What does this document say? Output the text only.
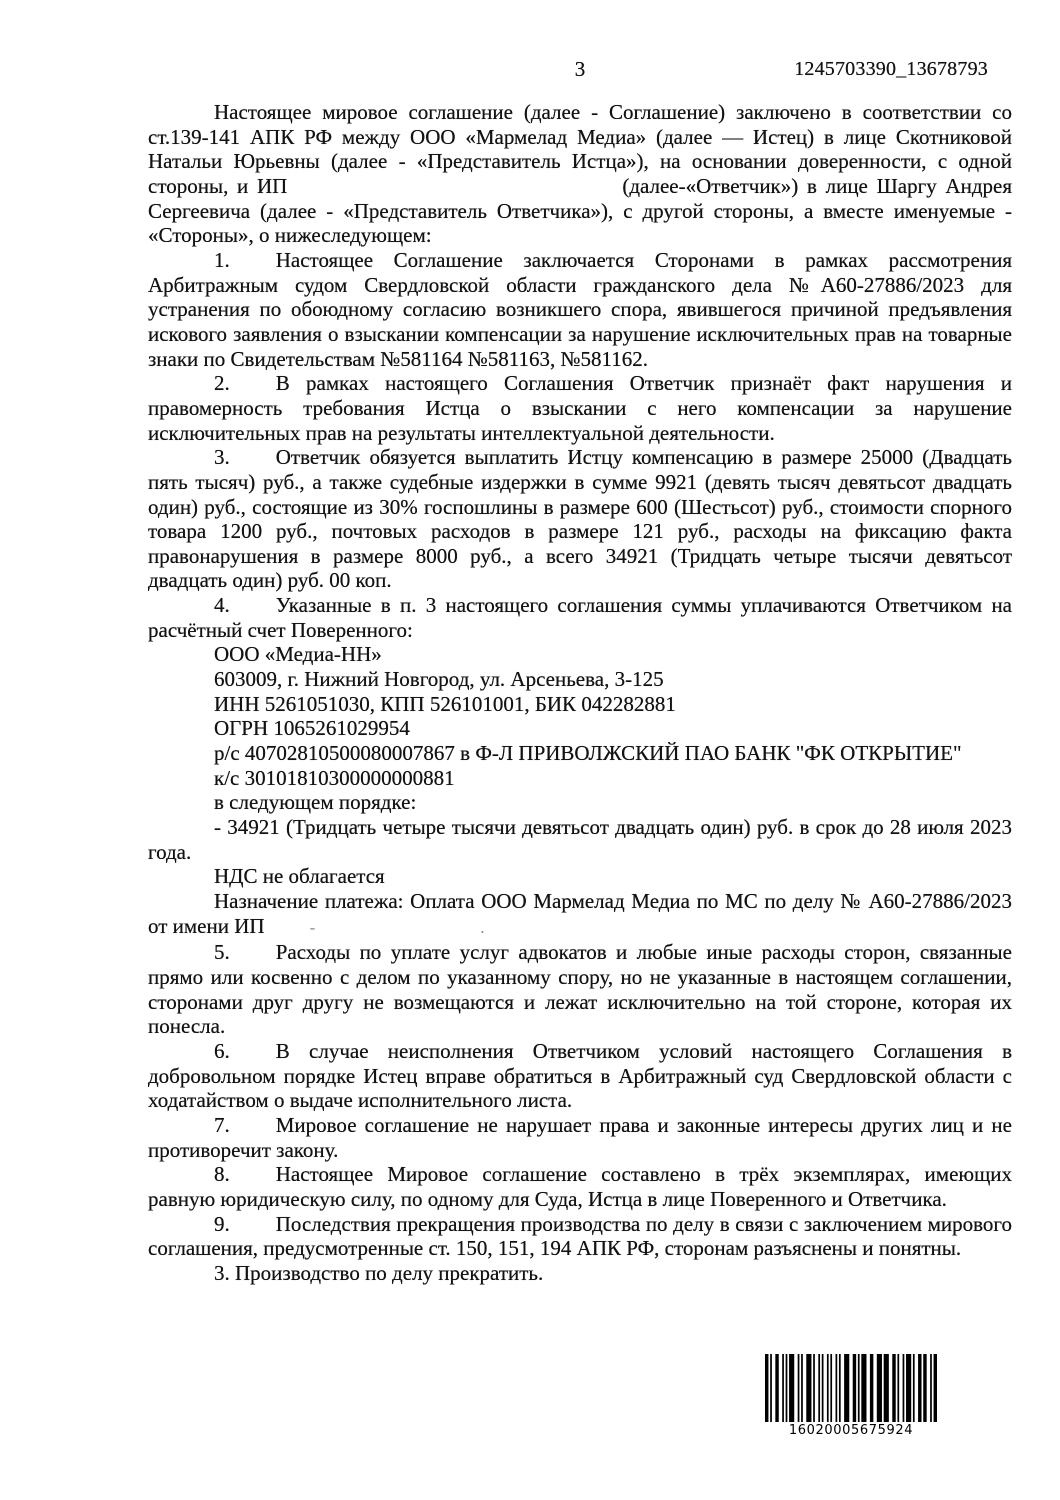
3	1245703390_13678793

Настоящее мировое соглашение (далее - Соглашение) заключено в соответствии со ст.139-141 АПК РФ между ООО «Мармелад Медиа» (далее — Истец) в лице Скотниковой Натальи Юрьевны (далее - «Представитель Истца»), на основании доверенности, с одной стороны, и ИП	(далее-«Ответчик») в лице Шаргу Андрея Сергеевича (далее - «Представитель Ответчика»), с другой стороны, а вместе именуемые - «Стороны», о нижеследующем:

1. Настоящее Соглашение заключается Сторонами в рамках рассмотрения Арбитражным судом Свердловской области гражданского дела №А60-27886/2023 для устранения по обоюдному согласию возникшего спора, явившегося причиной предъявления искового заявления о взыскании компенсации за нарушение исключительных прав на товарные знаки по Свидетельствам №581164 №581163, №581162.

2. В рамках настоящего Соглашения Ответчик признаёт факт нарушения и правомерность требования Истца о взыскании с него компенсации за нарушение исключительных прав на результаты интеллектуальной деятельности.

3. Ответчик обязуется выплатить Истцу компенсацию в размере 25000 (Двадцать пять тысяч) руб., а также судебные издержки в сумме 9921 (девять тысяч девятьсот двадцать один) руб., состоящие из 30% госпошлины в размере 600 (Шестьсот) руб., стоимости спорного товара 1200 руб., почтовых расходов в размере 121 руб., расходы на фиксацию факта правонарушения в размере 8000 руб., а всего 34921 (Тридцать четыре тысячи девятьсот двадцать один) руб. 00 коп.

4. Указанные в п. 3 настоящего соглашения суммы уплачиваются Ответчиком на расчётный счет Поверенного:

ООО «Медиа-НН»
603009, г. Нижний Новгород, ул. Арсеньева, 3-125
ИНН 5261051030, КПП 526101001, БИК 042282881
ОГРН 1065261029954
р/с 40702810500080007867 в Ф-Л ПРИВОЛЖСКИЙ ПАО БАНК "ФК ОТКРЫТИЕ"
к/с 30101810300000000881
в следующем порядке:

- 34921 (Тридцать четыре тысячи девятьсот двадцать один) руб. в срок до 28 июля 2023 года.

НДС не облагается

Назначение платежа: Оплата ООО Мармелад Медиа по МС по делу № А60-27886/2023 от имени ИП	-	.

5. Расходы по уплате услуг адвокатов и любые иные расходы сторон, связанные прямо или косвенно с делом по указанному спору, но не указанные в настоящем соглашении, сторонами друг другу не возмещаются и лежат исключительно на той стороне, которая их понесла.

6. В случае неисполнения Ответчиком условий настоящего Соглашения в добровольном порядке Истец вправе обратиться в Арбитражный суд Свердловской области с ходатайством о выдаче исполнительного листа.

7. Мировое соглашение не нарушает права и законные интересы других лиц и не противоречит закону.

8. Настоящее Мировое соглашение составлено в трёх экземплярах, имеющих равную юридическую силу, по одному для Суда, Истца в лице Поверенного и Ответчика.

9. Последствия прекращения производства по делу в связи с заключением мирового соглашения, предусмотренные ст. 150, 151, 194 АПК РФ, сторонам разъяснены и понятны.

3. Производство по делу прекратить.
16020005675924
